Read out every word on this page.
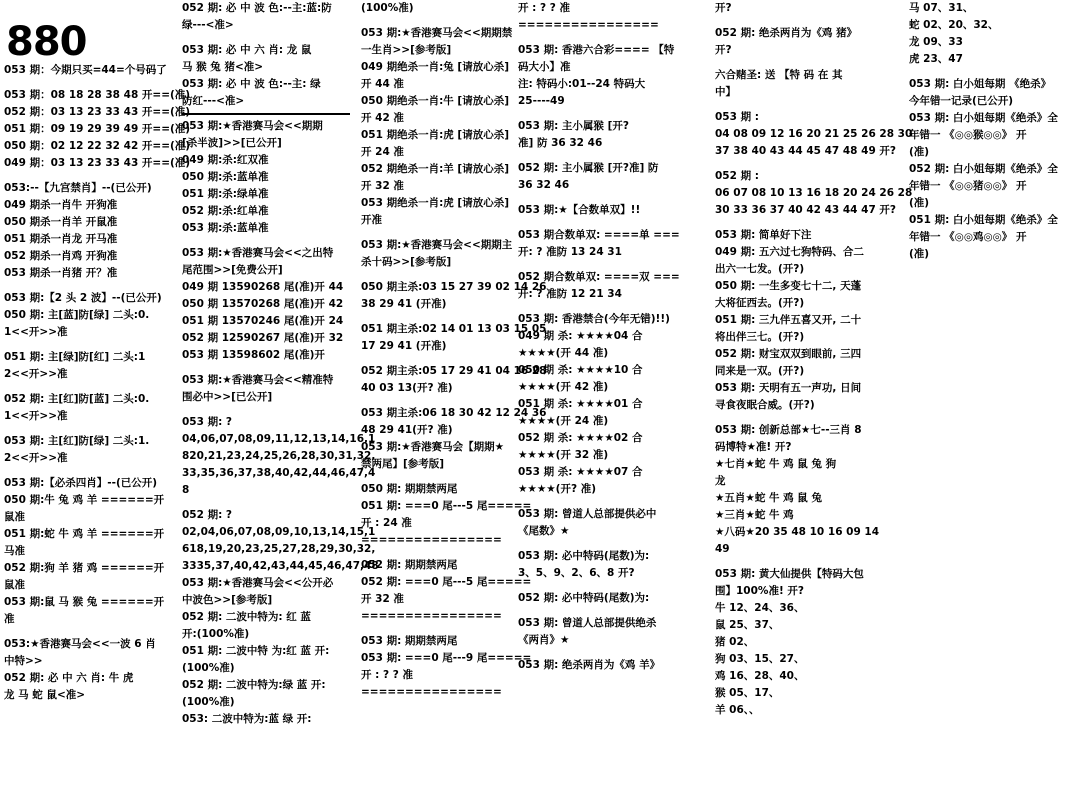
880
053 期：今期只买=44=个号码了
053 期：08 18 28 38 48 开==(准)
052 期：03 13 23 33 43 开==(准)
051 期：09 19 29 39 49 开==(准)
050 期：02 12 22 32 42 开==(准)
049 期：03 13 23 33 43 开==(准)
053:--【九宫禁肖】--(已公开)
049 期杀一肖牛 开狗准
050 期杀一肖羊 开鼠准
051 期杀一肖龙 开马准
052 期杀一肖鸡 开狗准
053 期杀一肖猪 开？准
053 期:【2 头 2 波】--(已公开)
050 期: 主[蓝]防[绿] 二头:0.
1<<开>>准
051 期: 主[绿]防[红] 二头:1
2<<开>>准
052 期: 主[红]防[蓝] 二头:0.
1<<开>>准
053 期: 主[红]防[绿] 二头:1.
2<<开>>准
053 期:【必杀四肖】--(已公开)
050 期:牛 兔 鸡 羊 ======开
鼠准
051 期:蛇 牛 鸡 羊 ======开
马准
052 期:狗 羊 猪 鸡 ======开
鼠准
053 期:鼠 马 猴 兔 ======开
准
053:★香港赛马会<<一波 6 肖
中特>>
052 期: 必 中 六 肖: 牛 虎
龙 马 蛇 鼠<准>
052 期: 必 中 波 色:--主:蓝:防
绿---<准>
053 期: 必 中 六 肖: 龙 鼠
马 猴 兔 猪<准>
053 期: 必 中 波 色:--主: 绿
防红---<准>
053 期:★香港赛马会<<期期
[杀半波]>>[已公开]
049 期:杀:红双准
050 期:杀:蓝单准
051 期:杀:绿单准
052 期:杀:红单准
053 期:杀:蓝单准
053 期:★香港赛马会<<之出特
尾范围>>[免费公开]
049 期 13590268 尾(准)开 44
050 期 13570268 尾(准)开 42
051 期 13570246 尾(准)开 24
052 期 12590267 尾(准)开 32
053 期 13598602 尾(准)开
053 期:★香港赛马会<<精准特
围必中>>[已公开]
053 期: ?
04,06,07,08,09,11,12,13,14,16,1
820,21,23,24,25,26,28,30,31,32,
33,35,36,37,38,40,42,44,46,47,4
8
052 期: ?
02,04,06,07,08,09,10,13,14,15,1
618,19,20,23,25,27,28,29,30,32,
3335,37,40,42,43,44,45,46,47,48
053 期:★香港赛马会<<公开必
中波色>>[参考版]
052 期: 二波中特为: 红 蓝
开:(100%准)
051 期: 二波中特 为:红 蓝 开:
(100%准)
052 期: 二波中特为:绿 蓝 开:
(100%准)
053: 二波中特为:蓝 绿 开:
(100%准)
053 期:★香港赛马会<<期期禁
一生肖>>[参考版]
049 期绝杀一肖:兔 [请放心杀]
开 44 准
050 期绝杀一肖:牛 [请放心杀]
开 42 准
051 期绝杀一肖:虎 [请放心杀]
开 24 准
052 期绝杀一肖:羊 [请放心杀]
开 32 准
053 期绝杀一肖:虎 [请放心杀]
开准
053 期:★香港赛马会<<期期主
杀十码>>[参考版]
050 期主杀:03 15 27 39 02 14 26
38 29 41 (开准)
051 期主杀:02 14 01 13 03 15 05
17 29 41 (开准)
052 期主杀:05 17 29 41 04 16 28
40 03 13(开? 准)
053 期主杀:06 18 30 42 12 24 36
48 29 41(开? 准)
053 期:★香港赛马会【期期★
禁两尾】[参考版]
050 期: 期期禁两尾
051 期: ===0 尾---5 尾=====
开 : 24 准
================
052 期: 期期禁两尾
052 期: ===0 尾---5 尾=====
开 32 准
================
053 期: 期期禁两尾
053 期: ===0 尾---9 尾=====
开 : ? ? 准
================
开 : ? ? 准
================
053 期: 香港六合彩==== 【特
码大小】准
注: 特码小:01--24 特码大
25----49
053 期: 主小属猴 [开?
准] 防 36 32 46
052 期: 主小属猴 [开?准] 防
36 32 46
053 期:★【合数单双】!!
053 期合数单双: ====单 ===
开: ? 准防 13 24 31
052 期合数单双: ====双 ===
开: ? 准防 12 21 34
053 期: 香港禁合(今年无错)!!)
049 期 杀: ★★★★04 合
★★★★(开 44 准)
050 期 杀: ★★★★10 合
★★★★(开 42 准)
051 期 杀: ★★★★01 合
★★★★(开 24 准)
052 期 杀: ★★★★02 合
★★★★(开 32 准)
053 期 杀: ★★★★07 合
★★★★(开? 准)
053 期: 曾道人总部提供必中
《尾数》★
053 期: 必中特码(尾数)为:
3、5、9、2、6、8 开?
052 期: 必中特码(尾数)为:
053 期: 曾道人总部提供绝杀
《两肖》★
053 期: 绝杀两肖为《鸡 羊》
开?
052 期: 绝杀两肖为《鸡 猪》
开?
六合赌圣: 送 【特 码 在 其
中】
053 期 :
04 08 09 12 16 20 21 25 26 28 30
37 38 40 43 44 45 47 48 49 开?
052 期 :
06 07 08 10 13 16 18 20 24 26 28
30 33 36 37 40 42 43 44 47 开?
053 期: 简单好下注
049 期: 五六过七狗特码、合二
出六一七发。(开?)
050 期: 一生多变七十二, 天蓬
大将征西去。(开?)
051 期: 三九伴五喜又开, 二十
将出伴三七。(开?)
052 期: 财宝双双到眼前, 三四
同来是一双。(开?)
053 期: 天明有五一声功, 日间
寻食夜眠合威。(开?)
053 期: 创新总部★七--三肖 8
码博特★准! 开?
★七肖★蛇 牛 鸡 鼠 兔 狗
龙
★五肖★蛇 牛 鸡 鼠 兔
★三肖★蛇 牛 鸡
★八码★20 35 48 10 16 09 14
49
053 期: 黄大仙提供【特码大包
围】100%准! 开?
牛 12、24、36、
鼠 25、37、
猪 02、
狗 03、15、27、
鸡 16、28、40、
猴 05、17、
羊 06、、
马 07、31、
蛇 02、20、32、
龙 09、33
虎 23、47
053 期: 白小姐每期 《绝杀》
今年错一记录(已公开)
053 期: 白小姐每期《绝杀》全
年错一 《◎◎猴◎◎》 开
(准)
052 期: 白小姐每期《绝杀》全
年错一 《◎◎猪◎◎》 开
(准)
051 期: 白小姐每期《绝杀》全
年错一 《◎◎鸡◎◎》 开
(准)
